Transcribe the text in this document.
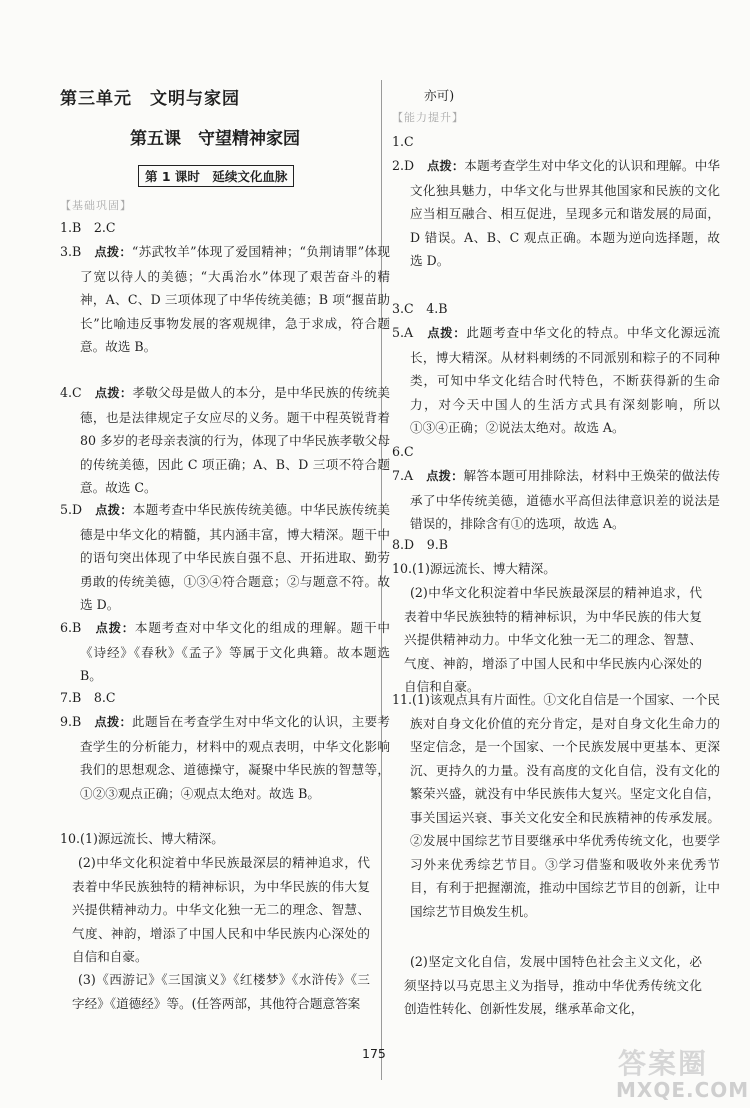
第三单元　文明与家园
第五课　守望精神家园
第 1 课时　延续文化血脉
【基础巩固】
1.B　2.C
3.B　点拨：“苏武牧羊”体现了爱国精神；“负荆请罪”体现了宽以待人的美德；“大禹治水”体现了艰苦奋斗的精神，A、C、D 三项体现了中华传统美德；B 项“揠苗助长”比喻违反事物发展的客观规律，急于求成，符合题意。故选 B。
4.C　点拨：孝敬父母是做人的本分，是中华民族的传统美德，也是法律规定子女应尽的义务。题干中程英锐背着 80 多岁的老母亲表演的行为，体现了中华民族孝敬父母的传统美德，因此 C 项正确；A、B、D 三项不符合题意。故选 C。
5.D　点拨：本题考查中华民族传统美德。中华民族传统美德是中华文化的精髓，其内涵丰富，博大精深。题干中的语句突出体现了中华民族自强不息、开拓进取、勤劳勇敢的传统美德，①③④符合题意；②与题意不符。故选 D。
6.B　点拨：本题考查对中华文化的组成的理解。题干中《诗经》《春秋》《孟子》等属于文化典籍。故本题选 B。
7.B　8.C
9.B　点拨：此题旨在考查学生对中华文化的认识，主要考查学生的分析能力，材料中的观点表明，中华文化影响我们的思想观念、道德操守，凝聚中华民族的智慧等，①②③观点正确；④观点太绝对。故选 B。
10.(1)源远流长、博大精深。
(2)中华文化积淀着中华民族最深层的精神追求，代表着中华民族独特的精神标识，为中华民族的伟大复兴提供精神动力。中华文化独一无二的理念、智慧、气度、神韵，增添了中国人民和中华民族内心深处的自信和自豪。
(3)《西游记》《三国演义》《红楼梦》《水浒传》《三字经》《道德经》等。(任答两部，其他符合题意答案
亦可)
【能力提升】
1.C
2.D　点拨：本题考查学生对中华文化的认识和理解。中华文化独具魅力，中华文化与世界其他国家和民族的文化应当相互融合、相互促进，呈现多元和谐发展的局面，D 错误。A、B、C 观点正确。本题为逆向选择题，故选 D。
3.C　4.B
5.A　点拨：此题考查中华文化的特点。中华文化源远流长，博大精深。从材料刺绣的不同派别和粽子的不同种类，可知中华文化结合时代特色，不断获得新的生命力，对今天中国人的生活方式具有深刻影响，所以①③④正确；②说法太绝对。故选 A。
6.C
7.A　点拨：解答本题可用排除法，材料中王焕荣的做法传承了中华传统美德，道德水平高但法律意识差的说法是错误的，排除含有①的选项，故选 A。
8.D　9.B
10.(1)源远流长、博大精深。
(2)中华文化积淀着中华民族最深层的精神追求，代表着中华民族独特的精神标识，为中华民族的伟大复兴提供精神动力。中华文化独一无二的理念、智慧、气度、神韵，增添了中国人民和中华民族内心深处的自信和自豪。
11.(1)该观点具有片面性。①文化自信是一个国家、一个民族对自身文化价值的充分肯定，是对自身文化生命力的坚定信念，是一个国家、一个民族发展中更基本、更深沉、更持久的力量。没有高度的文化自信，没有文化的繁荣兴盛，就没有中华民族伟大复兴。坚定文化自信，事关国运兴衰、事关文化安全和民族精神的传承发展。②发展中国综艺节目要继承中华优秀传统文化，也要学习外来优秀综艺节目。③学习借鉴和吸收外来优秀节目，有利于把握潮流，推动中国综艺节目的创新，让中国综艺节目焕发生机。
(2)坚定文化自信，发展中国特色社会主义文化，必须坚持以马克思主义为指导，推动中华优秀传统文化创造性转化、创新性发展，继承革命文化，
175	答案圈
MXQE.COM
